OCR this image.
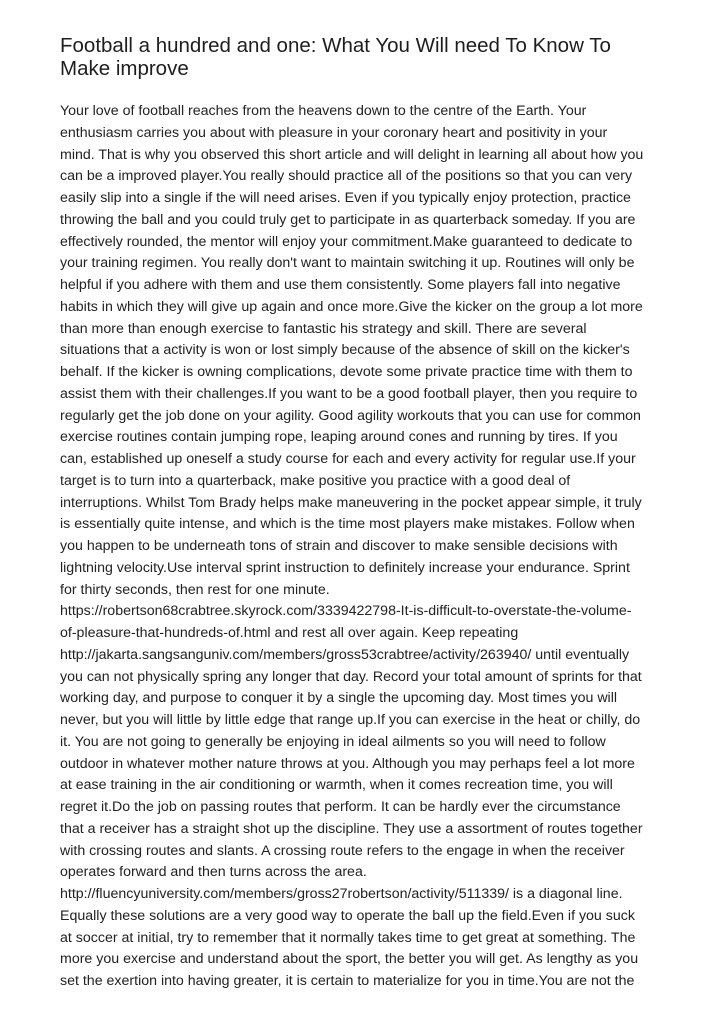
Football a hundred and one: What You Will need To Know To
Make improve
Your love of football reaches from the heavens down to the centre of the Earth. Your
enthusiasm carries you about with pleasure in your coronary heart and positivity in your
mind. That is why you observed this short article and will delight in learning all about how you
can be a improved player.You really should practice all of the positions so that you can very
easily slip into a single if the will need arises. Even if you typically enjoy protection, practice
throwing the ball and you could truly get to participate in as quarterback someday. If you are
effectively rounded, the mentor will enjoy your commitment.Make guaranteed to dedicate to
your training regimen. You really don't want to maintain switching it up. Routines will only be
helpful if you adhere with them and use them consistently. Some players fall into negative
habits in which they will give up again and once more.Give the kicker on the group a lot more
than more than enough exercise to fantastic his strategy and skill. There are several
situations that a activity is won or lost simply because of the absence of skill on the kicker's
behalf. If the kicker is owning complications, devote some private practice time with them to
assist them with their challenges.If you want to be a good football player, then you require to
regularly get the job done on your agility. Good agility workouts that you can use for common
exercise routines contain jumping rope, leaping around cones and running by tires. If you
can, established up oneself a study course for each and every activity for regular use.If your
target is to turn into a quarterback, make positive you practice with a good deal of
interruptions. Whilst Tom Brady helps make maneuvering in the pocket appear simple, it truly
is essentially quite intense, and which is the time most players make mistakes. Follow when
you happen to be underneath tons of strain and discover to make sensible decisions with
lightning velocity.Use interval sprint instruction to definitely increase your endurance. Sprint
for thirty seconds, then rest for one minute.
https://robertson68crabtree.skyrock.com/3339422798-It-is-difficult-to-overstate-the-volume-
of-pleasure-that-hundreds-of.html and rest all over again. Keep repeating
http://jakarta.sangsanguniv.com/members/gross53crabtree/activity/263940/ until eventually
you can not physically spring any longer that day. Record your total amount of sprints for that
working day, and purpose to conquer it by a single the upcoming day. Most times you will
never, but you will little by little edge that range up.If you can exercise in the heat or chilly, do
it. You are not going to generally be enjoying in ideal ailments so you will need to follow
outdoor in whatever mother nature throws at you. Although you may perhaps feel a lot more
at ease training in the air conditioning or warmth, when it comes recreation time, you will
regret it.Do the job on passing routes that perform. It can be hardly ever the circumstance
that a receiver has a straight shot up the discipline. They use a assortment of routes together
with crossing routes and slants. A crossing route refers to the engage in when the receiver
operates forward and then turns across the area.
http://fluencyuniversity.com/members/gross27robertson/activity/511339/ is a diagonal line.
Equally these solutions are a very good way to operate the ball up the field.Even if you suck
at soccer at initial, try to remember that it normally takes time to get great at something. The
more you exercise and understand about the sport, the better you will get. As lengthy as you
set the exertion into having greater, it is certain to materialize for you in time.You are not the
